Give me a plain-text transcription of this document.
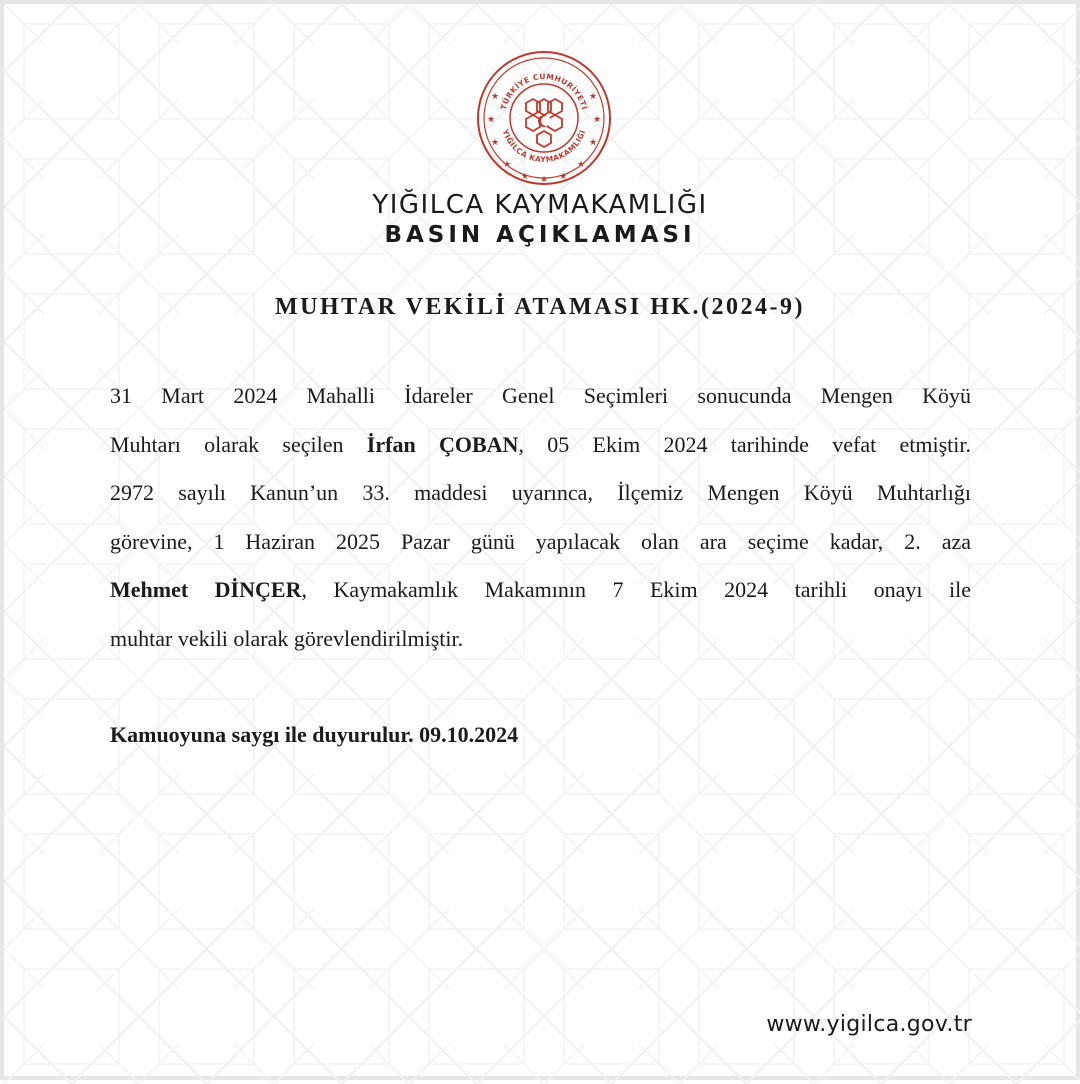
★	★
★	★
★	★
★	★
★	★
★
TÜRKİYE CUMHURİYETİ
YIĞILCA KAYMAKAMLIĞI
YIĞILCA KAYMAKAMLIĞI
BASIN AÇIKLAMASI
MUHTAR VEKİLİ ATAMASI HK.(2024-9)
31 Mart 2024 Mahalli İdareler Genel Seçimleri sonucunda Mengen Köyü
Muhtarı olarak seçilen İrfan ÇOBAN, 05 Ekim 2024 tarihinde vefat etmiştir.
2972 sayılı Kanun’un 33. maddesi uyarınca, İlçemiz Mengen Köyü Muhtarlığı
görevine, 1 Haziran 2025 Pazar günü yapılacak olan ara seçime kadar, 2. aza
Mehmet DİNÇER, Kaymakamlık Makamının 7 Ekim 2024 tarihli onayı ile
muhtar vekili olarak görevlendirilmiştir.
Kamuoyuna saygı ile duyurulur. 09.10.2024
www.yigilca.gov.tr
